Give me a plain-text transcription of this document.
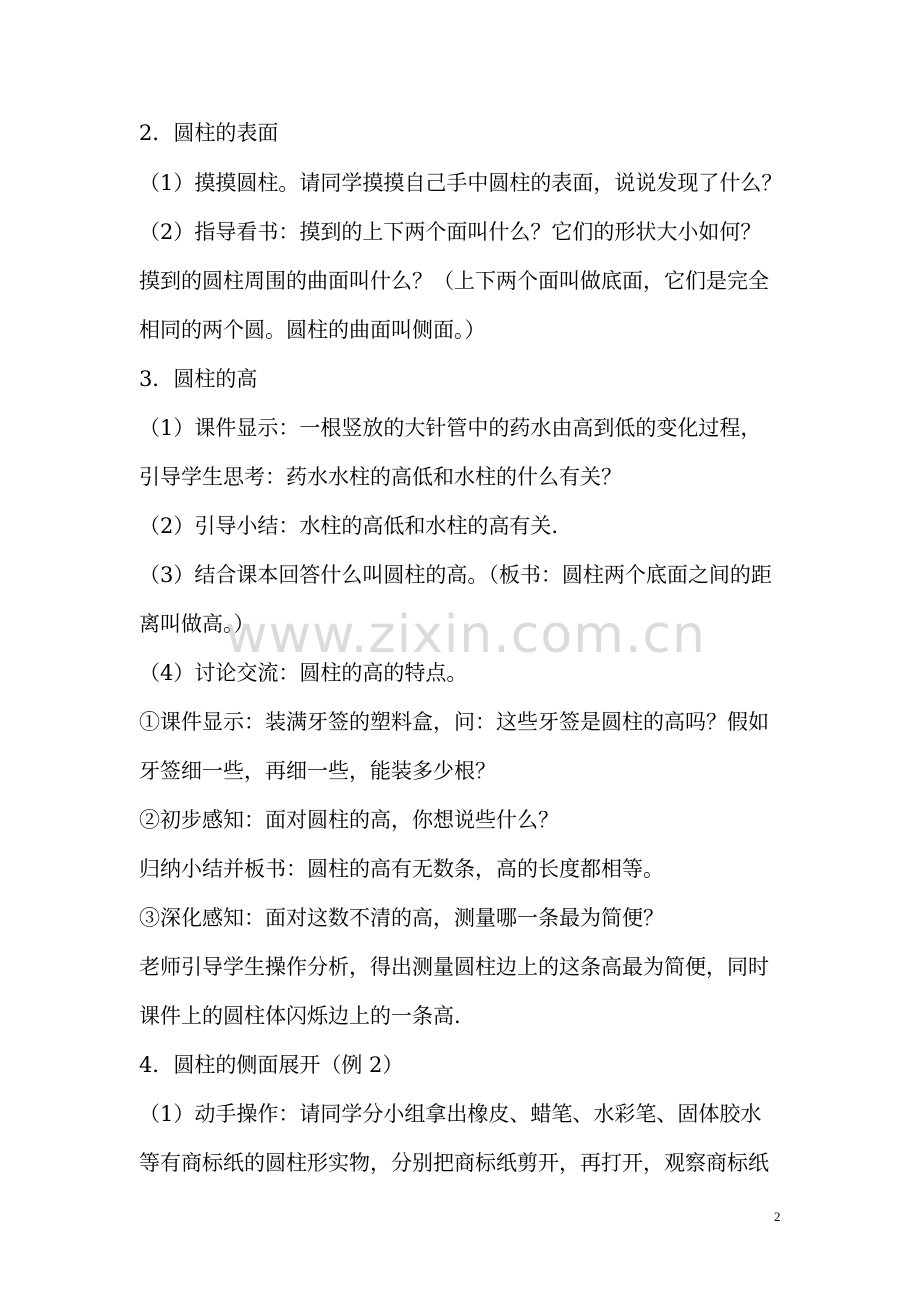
2．圆柱的表面
（1）摸摸圆柱。请同学摸摸自己手中圆柱的表面，说说发现了什么？
（2）指导看书：摸到的上下两个面叫什么？它们的形状大小如何？
摸到的圆柱周围的曲面叫什么？（上下两个面叫做底面，它们是完全
相同的两个圆。圆柱的曲面叫侧面。）
3．圆柱的高
（1）课件显示：一根竖放的大针管中的药水由高到低的变化过程，
引导学生思考：药水水柱的高低和水柱的什么有关？
（2）引导小结：水柱的高低和水柱的高有关.
（3）结合课本回答什么叫圆柱的高。（板书：圆柱两个底面之间的距
离叫做高。）
（4）讨论交流：圆柱的高的特点。
①课件显示：装满牙签的塑料盒，问：这些牙签是圆柱的高吗？假如
牙签细一些，再细一些，能装多少根？
②初步感知：面对圆柱的高，你想说些什么？
归纳小结并板书：圆柱的高有无数条，高的长度都相等。
③深化感知：面对这数不清的高，测量哪一条最为简便？
老师引导学生操作分析，得出测量圆柱边上的这条高最为简便，同时
课件上的圆柱体闪烁边上的一条高.
4．圆柱的侧面展开（例 2）
（1）动手操作：请同学分小组拿出橡皮、蜡笔、水彩笔、固体胶水
等有商标纸的圆柱形实物，分别把商标纸剪开，再打开，观察商标纸
www.zixin.com.cn
2
